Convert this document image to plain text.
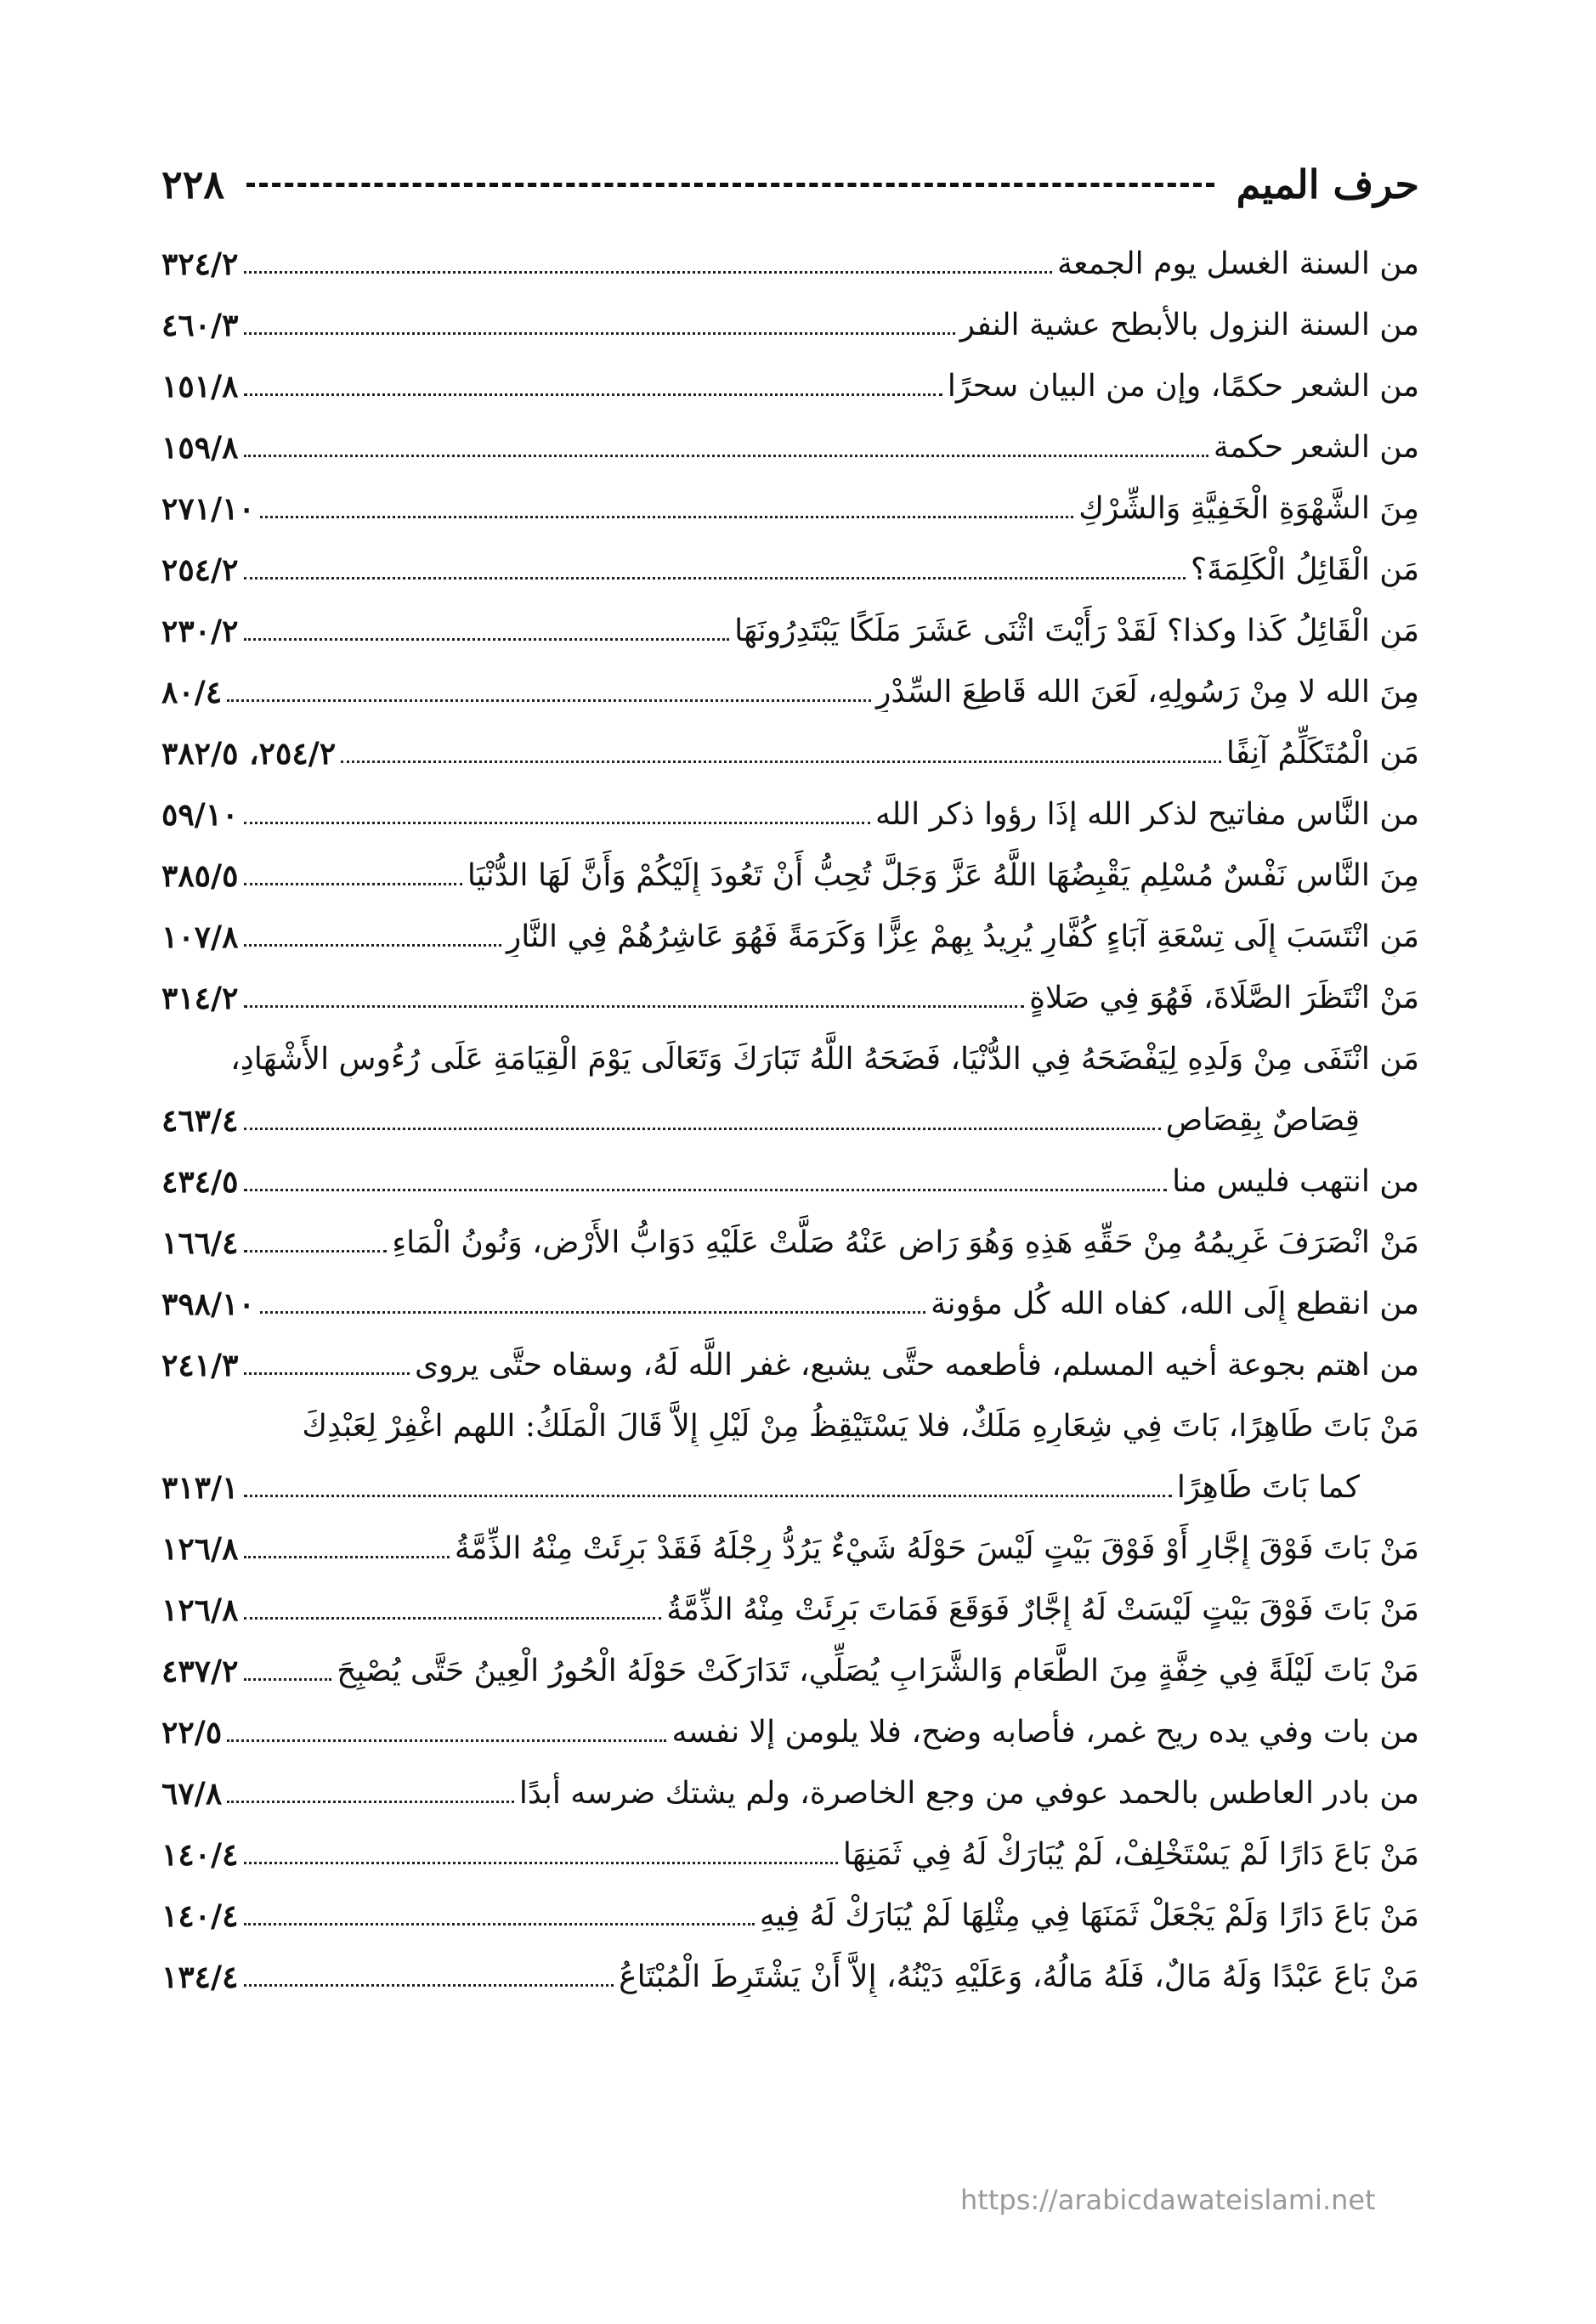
حرف الميم
٢٢٨
من السنة الغسل يوم الجمعة
٣٢٤/٢
من السنة النزول بالأبطح عشية النفر
٤٦٠/٣
من الشعر حكمًا، وإن من البيان سحرًا
١٥١/٨
من الشعر حكمة
١٥٩/٨
مِنَ الشَّهْوَةِ الْخَفِيَّةِ وَالشِّرْكِ
٢٧١/١٠
مَنِ الْقَائِلُ الْكَلِمَةَ؟
٢٥٤/٢
مَنِ الْقَائِلُ كَذا وكذا؟ لَقَدْ رَأَيْتَ اثْنَى عَشَرَ مَلَكًا يَبْتَدِرُونَهَا
٢٣٠/٢
مِنَ الله لا مِنْ رَسُولِهِ، لَعَنَ الله قَاطِعَ السِّدْرِ
٨٠/٤
مَنِ الْمُتَكَلِّمُ آنِفًا
٢٥٤/٢، ٣٨٢/٥
من النَّاس مفاتيح لذكر الله إذَا رؤوا ذكر الله
٥٩/١٠
مِنَ النَّاسِ نَفْسٌ مُسْلِمٍ يَقْبِضُهَا اللَّهُ عَزَّ وَجَلَّ تُحِبُّ أَنْ تَعُودَ إِلَيْكُمْ وَأَنَّ لَهَا الدُّنْيَا
٣٨٥/٥
مَنِ انْتَسَبَ إِلَى تِسْعَةِ آبَاءٍ كُفَّارٍ يُرِيدُ بِهِمْ عِزًّا وَكَرَمَةً فَهُوَ عَاشِرُهُمْ فِي النَّارِ
١٠٧/٨
مَنْ انْتَظَرَ الصَّلَاةَ، فَهُوَ فِي صَلاةٍ
٣١٤/٢
مَنِ انْتَفَى مِنْ وَلَدِهِ لِيَفْضَحَهُ فِي الدُّنْيَا، فَضَحَهُ اللَّهُ تَبَارَكَ وَتَعَالَى يَوْمَ الْقِيَامَةِ عَلَى رُءُوسِ الأَشْهَادِ،
قِصَاصٌ بِقِصَاصٍ
٤٦٣/٤
من انتهب فليس منا
٤٣٤/٥
مَنْ انْصَرَفَ غَرِيمُهُ مِنْ حَقِّهِ هَذِهِ وَهُوَ رَاضٍ عَنْهُ صَلَّتْ عَلَيْهِ دَوَابُّ الأَرْضِ، وَنُونُ الْمَاءِ
١٦٦/٤
من انقطع إِلَى الله، كفاه الله كُل مؤونة
٣٩٨/١٠
من اهتم بجوعة أخيه المسلم، فأطعمه حتَّى يشبع، غفر اللَّه لَهُ، وسقاه حتَّى يروى
٢٤١/٣
مَنْ بَاتَ طَاهِرًا، بَاتَ فِي شِعَارِهِ مَلَكٌ، فلا يَسْتَيْقِظُ مِنْ لَيْلٍ إِلاَّ قَالَ الْمَلَكُ: اللهم اغْفِرْ لِعَبْدِكَ
كما بَاتَ طَاهِرًا
٣١٣/١
مَنْ بَاتَ فَوْقَ إِجَّارٍ أَوْ فَوْقَ بَيْتٍ لَيْسَ حَوْلَهُ شَيْءٌ يَرُدُّ رِجْلَهُ فَقَدْ بَرِئَتْ مِنْهُ الذِّمَّةُ
١٢٦/٨
مَنْ بَاتَ فَوْقَ بَيْتٍ لَيْسَتْ لَهُ إِجَّارٌ فَوَقَعَ فَمَاتَ بَرِئَتْ مِنْهُ الذِّمَّةُ
١٢٦/٨
مَنْ بَاتَ لَيْلَةً فِي خِفَّةٍ مِنَ الطَّعَامِ وَالشَّرَابِ يُصَلِّي، تَدَارَكَتْ حَوْلَهُ الْحُورُ الْعِينُ حَتَّى يُصْبِحَ
٤٣٧/٢
من بات وفي يده ريح غمر، فأصابه وضح، فلا يلومن إلا نفسه
٢٢/٥
من بادر العاطس بالحمد عوفي من وجع الخاصرة، ولم يشتك ضرسه أبدًا
٦٧/٨
مَنْ بَاعَ دَارًا لَمْ يَسْتَخْلِفْ، لَمْ يُبَارَكْ لَهُ فِي ثَمَنِهَا
١٤٠/٤
مَنْ بَاعَ دَارًا وَلَمْ يَجْعَلْ ثَمَنَهَا فِي مِثْلِهَا لَمْ يُبَارَكْ لَهُ فِيهِ
١٤٠/٤
مَنْ بَاعَ عَبْدًا وَلَهُ مَالٌ، فَلَهُ مَالُهُ، وَعَلَيْهِ دَيْنُهُ، إِلاَّ أَنْ يَشْتَرِطَ الْمُبْتَاعُ
١٣٤/٤
https://arabicdawateislami.net
